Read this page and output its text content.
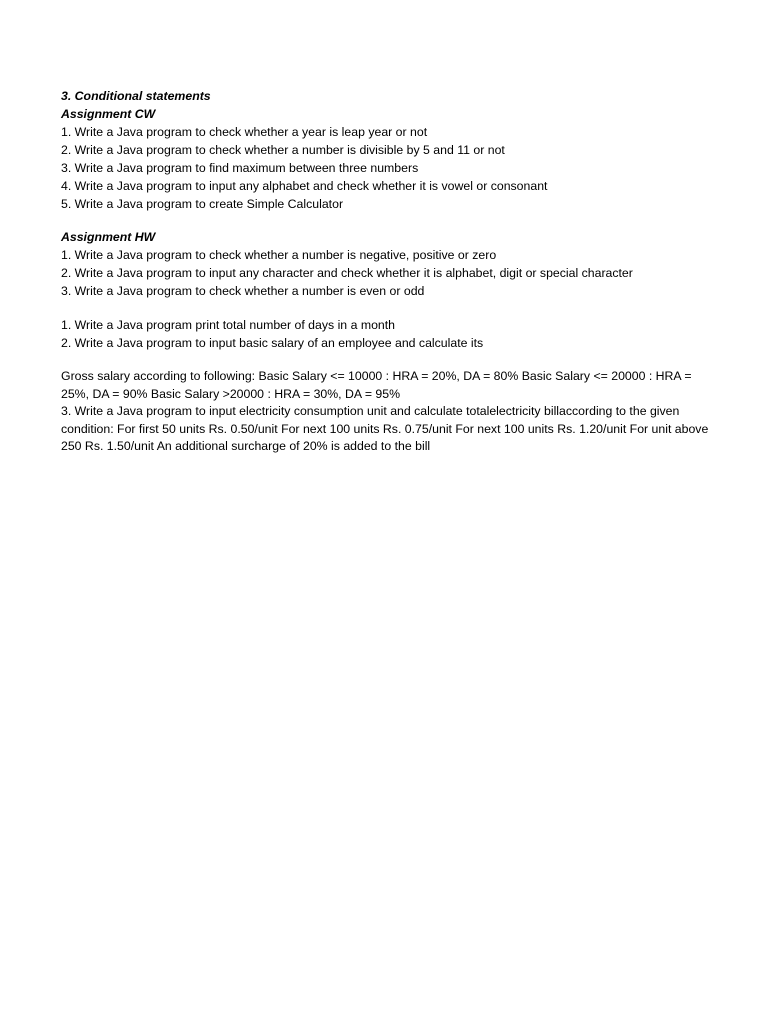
3. Conditional statements

Assignment CW

1. Write a Java program to check whether a year is leap year or not

2. Write a Java program to check whether a number is divisible by 5 and 11 or not

3. Write a Java program to find maximum between three numbers

4. Write a Java program to input any alphabet and check whether it is vowel or consonant

5. Write a Java program to create Simple Calculator

Assignment HW

1. Write a Java program to check whether a number is negative, positive or zero

2. Write a Java program to input any character and check whether it is alphabet, digit or special character

3. Write a Java program to check whether a number is even or odd

1. Write a Java program print total number of days in a month

2. Write a Java program to input basic salary of an employee and calculate its

Gross salary according to following: Basic Salary <= 10000 : HRA = 20%, DA = 80% Basic Salary <= 20000 : HRA = 25%, DA = 90% Basic Salary >20000 : HRA = 30%, DA = 95%

3. Write a Java program to input electricity consumption unit and calculate totalelectricity billaccording to the given condition: For first 50 units Rs. 0.50/unit For next 100 units Rs. 0.75/unit For next 100 units Rs. 1.20/unit For unit above 250 Rs. 1.50/unit An additional surcharge of 20% is added to the bill
